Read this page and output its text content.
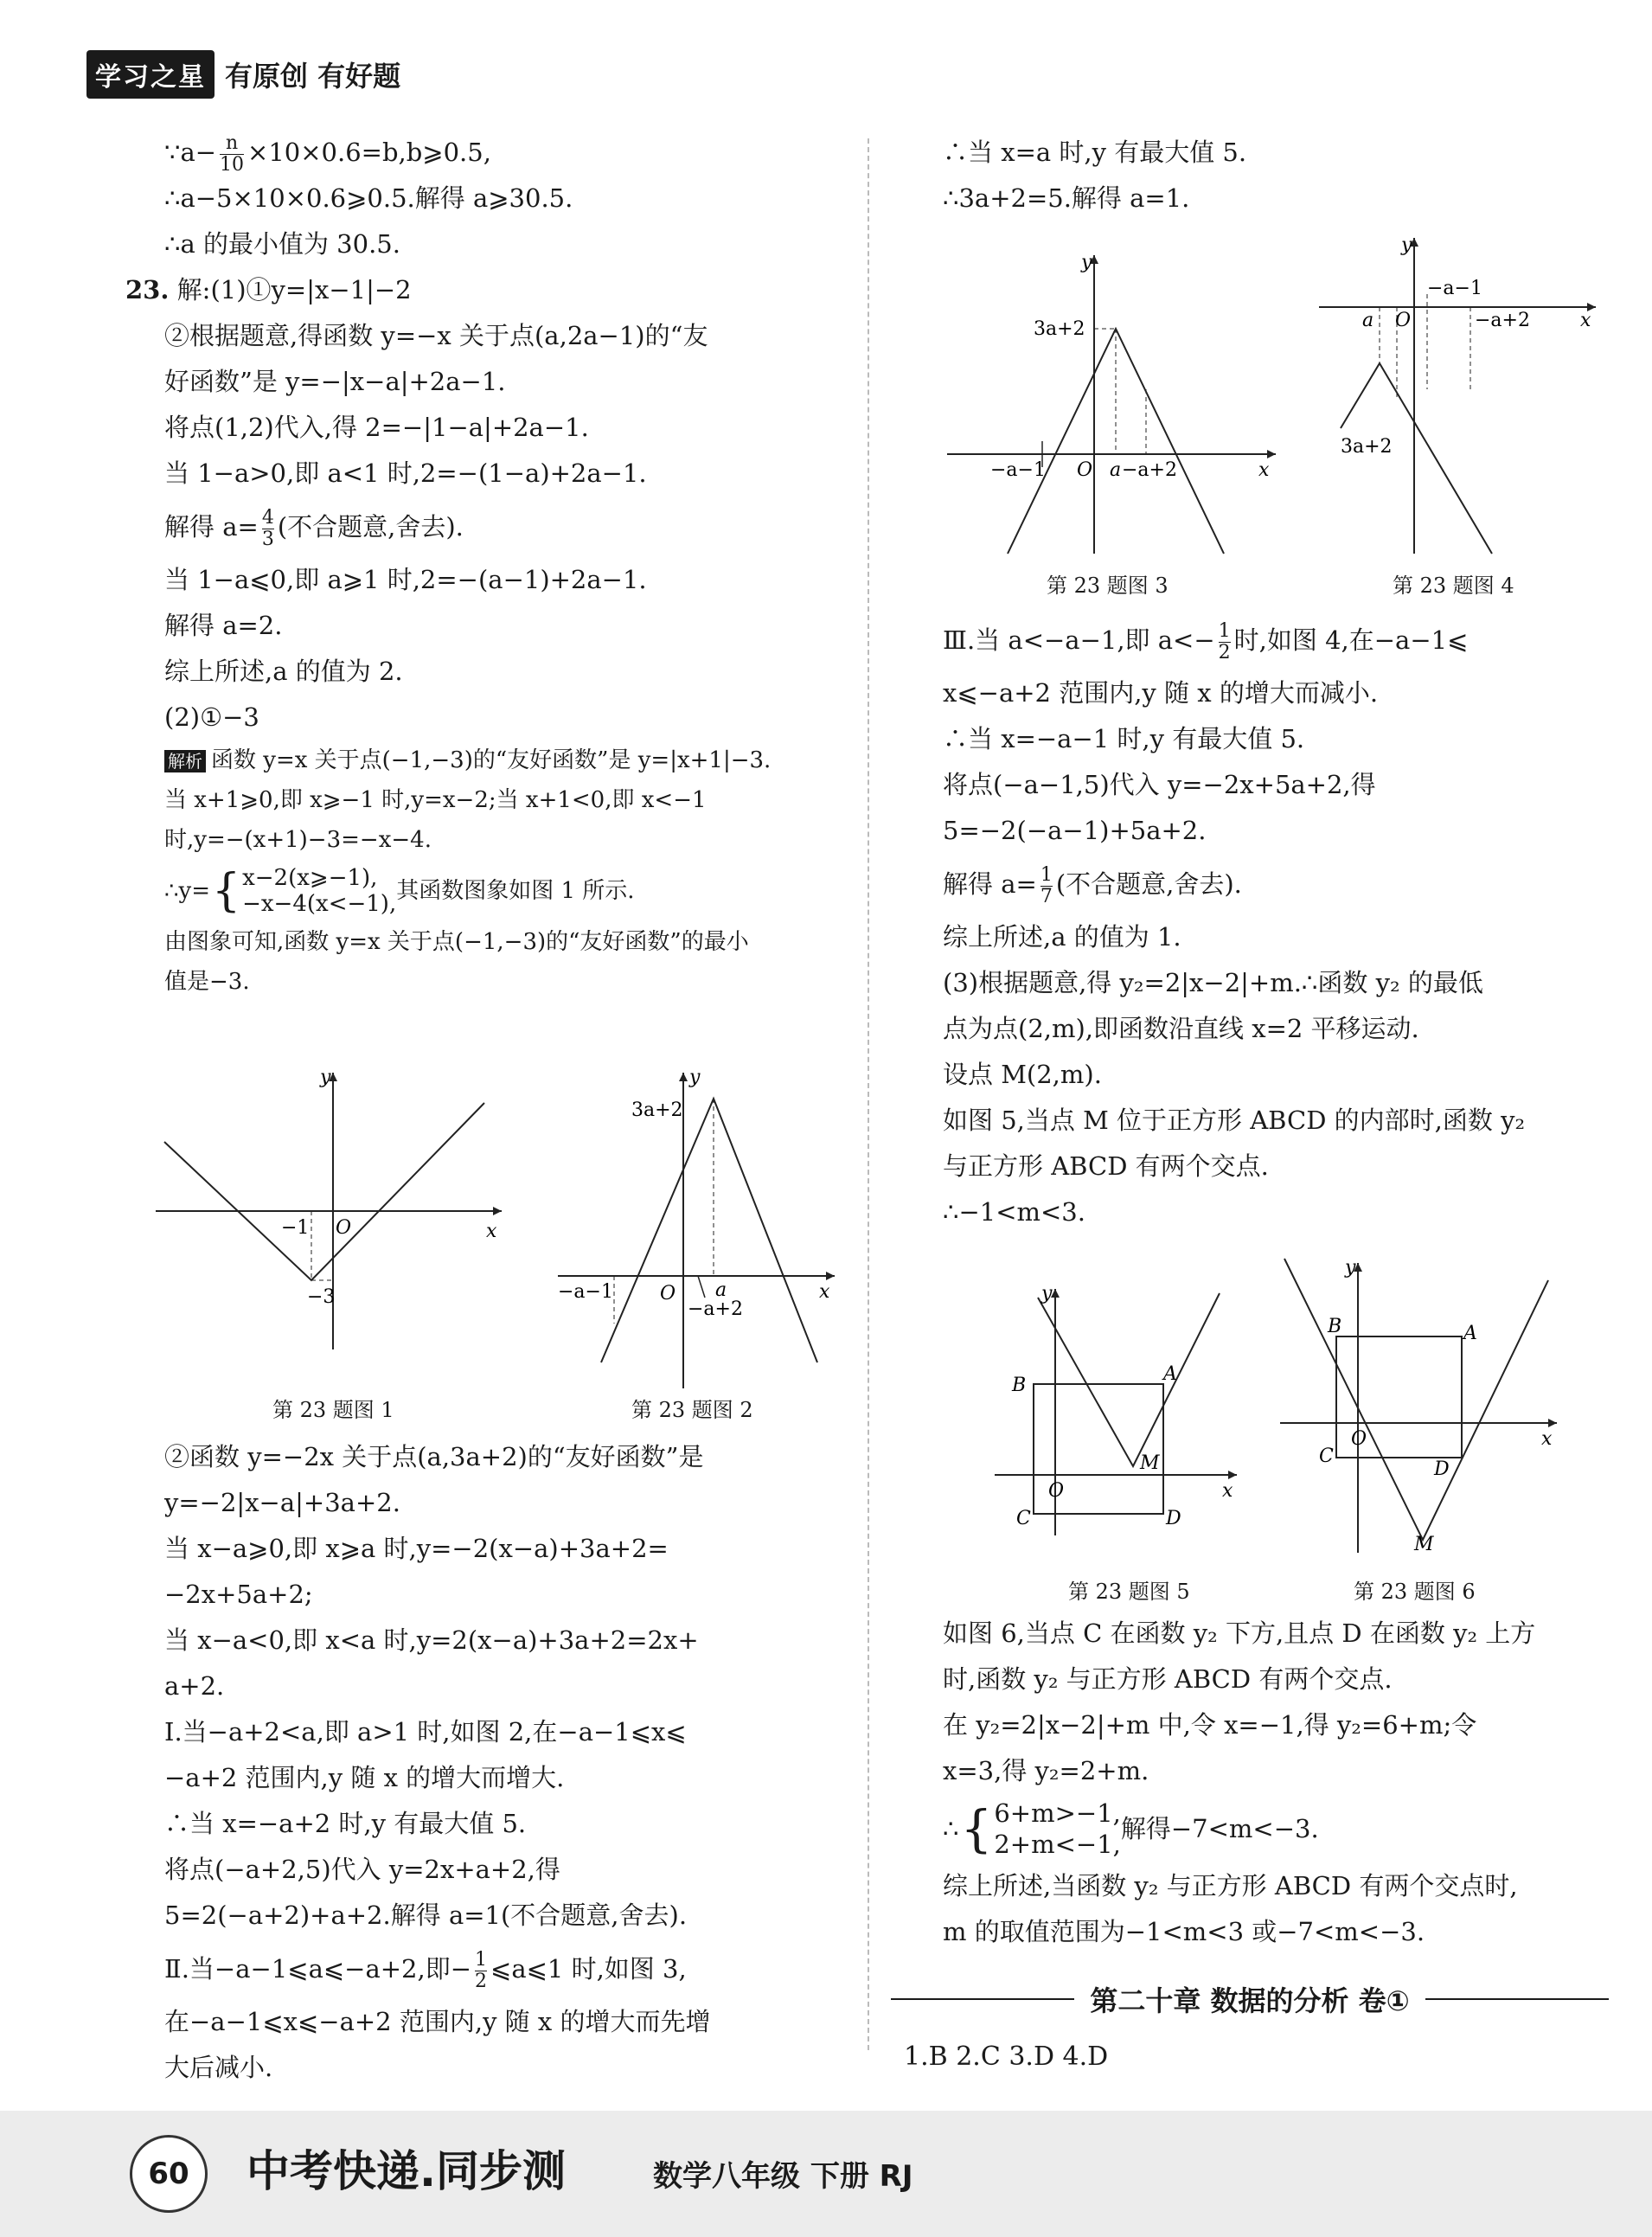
学习之星 有原创 有好题
∵a− $\frac{n}{10}$ ×10×0.6=b,b⩾0.5,
∴a−5×10×0.6⩾0.5.解得 a⩾30.5.
∴a 的最小值为 30.5.
23. 解:(1)①y=|x−1|−2
②根据题意,得函数 y=−x 关于点(a,2a−1)的“友
好函数”是 y=−|x−a|+2a−1.
将点(1,2)代入,得 2=−|1−a|+2a−1.
当 1−a>0,即 a<1 时,2=−(1−a)+2a−1.
解得 $a= \frac{4}{3}$ (不合题意,舍去).
当 1−a⩽0,即 a⩾1 时,2=−(a−1)+2a−1.
解得 a=2.
综上所述,a 的值为 2.
(2)①−3
解析 函数 y=x 关于点(−1,−3)的“友好函数”是 y=|x+1|−3.
当 x+1⩾0,即 x⩾−1 时,y=x−2;当 x+1<0,即 x<−1
时,y=−(x+1)−3=−x−4.
∴y= { x−2(x⩾−1),
−x−4(x<−1), 其函数图象如图 1 所示.
由图象可知,函数 y=x 关于点(−1,−3)的“友好函数”的最小
值是−3.
x
y
O
−1
−3
第 23 题图 1
3a+2
x
y
O
−a−1	a
−a+2
第 23 题图 2
②函数 y=−2x 关于点(a,3a+2)的“友好函数”是
y=−2|x−a|+3a+2.
当 x−a⩾0,即 x⩾a 时,y=−2(x−a)+3a+2=
−2x+5a+2;
当 x−a<0,即 x<a 时,y=2(x−a)+3a+2=2x+
a+2.
Ⅰ.当−a+2<a,即 a>1 时,如图 2,在−a−1⩽x⩽
−a+2 范围内,y 随 x 的增大而增大.
∴当 x=−a+2 时,y 有最大值 5.
将点(−a+2,5)代入 y=2x+a+2,得
5=2(−a+2)+a+2.解得 a=1(不合题意,舍去).
Ⅱ.当−a−1⩽a⩽−a+2,即− $\frac{1}{2}$ ⩽a⩽1 时,如图 3,
在−a−1⩽x⩽−a+2 范围内,y 随 x 的增大而先增
大后减小.
∴当 x=a 时,y 有最大值 5.
∴3a+2=5.解得 a=1.
3a+2
x
y
O
−a−1	a −a+2
第 23 题图 3
3a+2
x
y
O
a
−a−1
−a+2
第 23 题图 4
Ⅲ.当 a<−a−1,即 $a<- \frac{1}{2}$ 时,如图 4,在−a−1⩽
x⩽−a+2 范围内,y 随 x 的增大而减小.
∴当 x=−a−1 时,y 有最大值 5.
将点(−a−1,5)代入 y=−2x+5a+2,得
5=−2(−a−1)+5a+2.
解得 $a= \frac{1}{7}$ (不合题意,舍去).
综上所述,a 的值为 1.
(3)根据题意,得 y₂=2|x−2|+m.∴函数 y₂ 的最低
点为点(2,m),即函数沿直线 x=2 平移运动.
设点 M(2,m).
如图 5,当点 M 位于正方形 ABCD 的内部时,函数 y₂
与正方形 ABCD 有两个交点.
∴−1<m<3.
B
A
M
C	D
O	x
y
第 23 题图 5
B	A
C
D
M
O	x
y
第 23 题图 6
如图 6,当点 C 在函数 y₂ 下方,且点 D 在函数 y₂ 上方
时,函数 y₂ 与正方形 ABCD 有两个交点.
在 y₂=2|x−2|+m 中,令 x=−1,得 y₂=6+m;令
x=3,得 y₂=2+m.
∴ { 6+m>−1,
2+m<−1,
解得−7<m<−3.
综上所述,当函数 y₂ 与正方形 ABCD 有两个交点时,
m 的取值范围为−1<m<3 或−7<m<−3.
第二十章 数据的分析 卷①
1.B 2.C 3.D 4.D
60	中考快递.同步测	数学八年级 下册 RJ
